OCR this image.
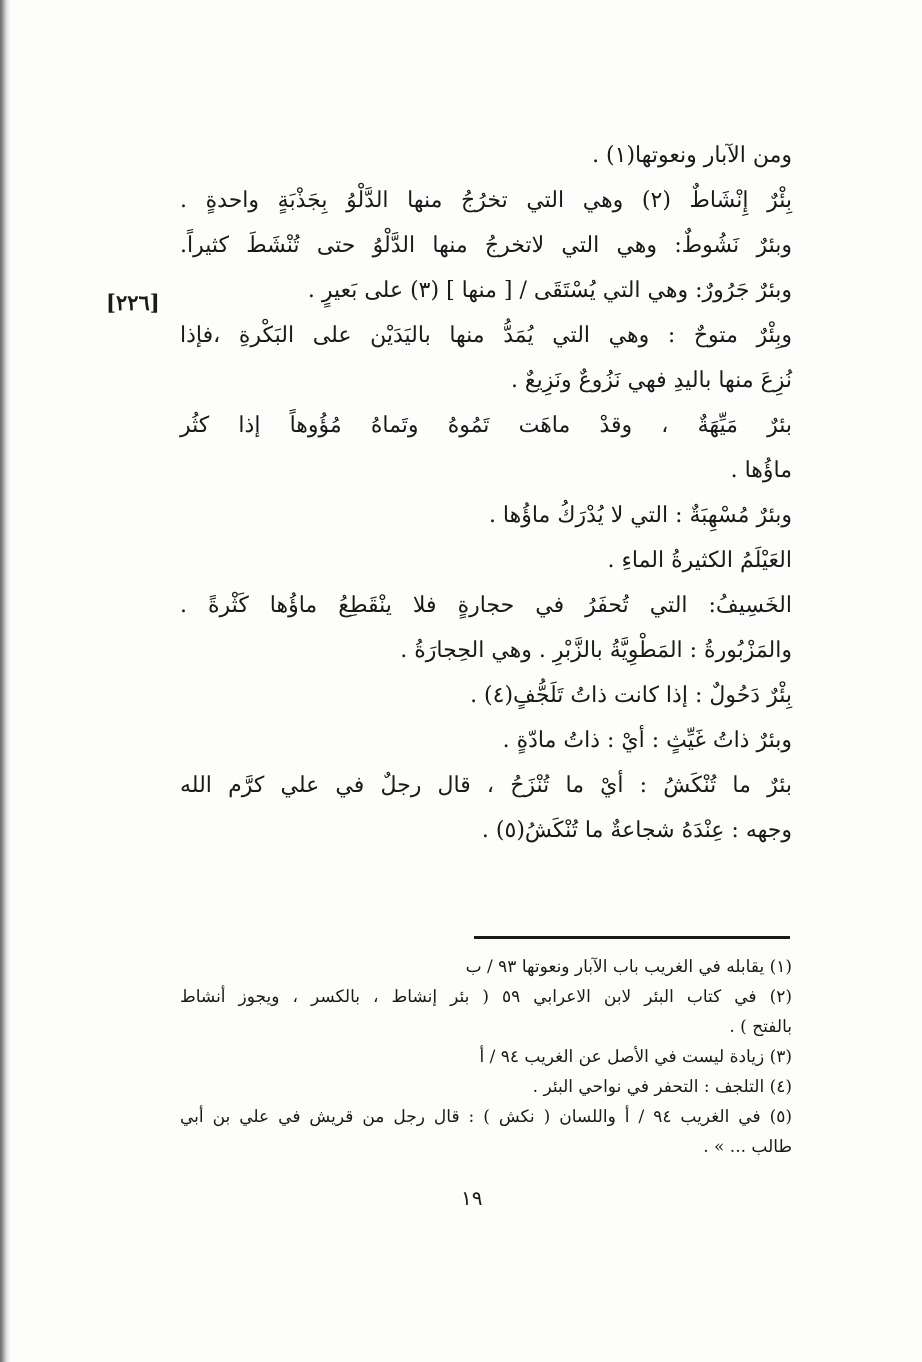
ومن الآبار ونعوتها(١) .
بِئْرٌ إِنْشَاطٌ (٢) وهي التي تخرُجُ منها الدَّلْوُ بِجَذْبَةٍ واحدةٍ .
وبئرٌ نَشُوطٌ: وهي التي لاتخرجُ منها الدَّلْوُ حتى تُنْشَطَ كثيراً.
وبئرٌ جَرُورٌ: وهي التي يُسْتَقَى / [ منها ] (٣) على بَعيرٍ .
وبِئْرٌ متوحٌ : وهي التي يُمَدُّ منها باليَدَيْن على البَكْرةِ ،فإذا
نُزِعَ منها باليدِ فهي نَزُوعٌ ونَزِيعٌ .
بئرٌ مَيِّهَةٌ ، وقدْ ماهَت تَمُوهُ وتَماهُ مُؤُوهاً إذا كثُر
ماؤُها .
وبئرٌ مُسْهِبَةٌ : التي لا يُدْرَكُ ماؤُها .
العَيْلَمُ الكثيرةُ الماءِ .
الخَسِيفُ: التي تُحفَرُ في حجارةٍ فلا ينْقَطِعُ ماؤُها كَثْرةً .
والمَزْبُورةُ : المَطْوِيَّةُ بالزَّبْرِ . وهي الحِجارَةُ .
بِئْرٌ دَحُولٌ : إذا كانت ذاتُ تَلَجُّفٍ(٤) .
وبئرٌ ذاتُ غَيِّثٍ : أيْ : ذاتُ مادّةٍ .
بئرٌ ما تُنْكَشُ : أيْ ما تُنْزَحُ ، قال رجلٌ في علي كرَّم الله
وجهه : عِنْدَهُ شجاعةٌ ما تُنْكَشُ(٥) .
[٢٢٦]
(١) يقابله في الغريب باب الآبار ونعوتها ٩٣ / ب
(٢) في كتاب البئر لابن الاعرابي ٥٩ ( بئر إنشاط ، بالكسر ، ويجوز أنشاط
بالفتح ) .
(٣) زيادة ليست في الأصل عن الغريب ٩٤ / أ
(٤) التلجف : التحفر في نواحي البئر .
(٥) في الغريب ٩٤ / أ واللسان ( نكش ) : قال رجل من قريش في علي بن أبي
طالب ... » .
١٩
